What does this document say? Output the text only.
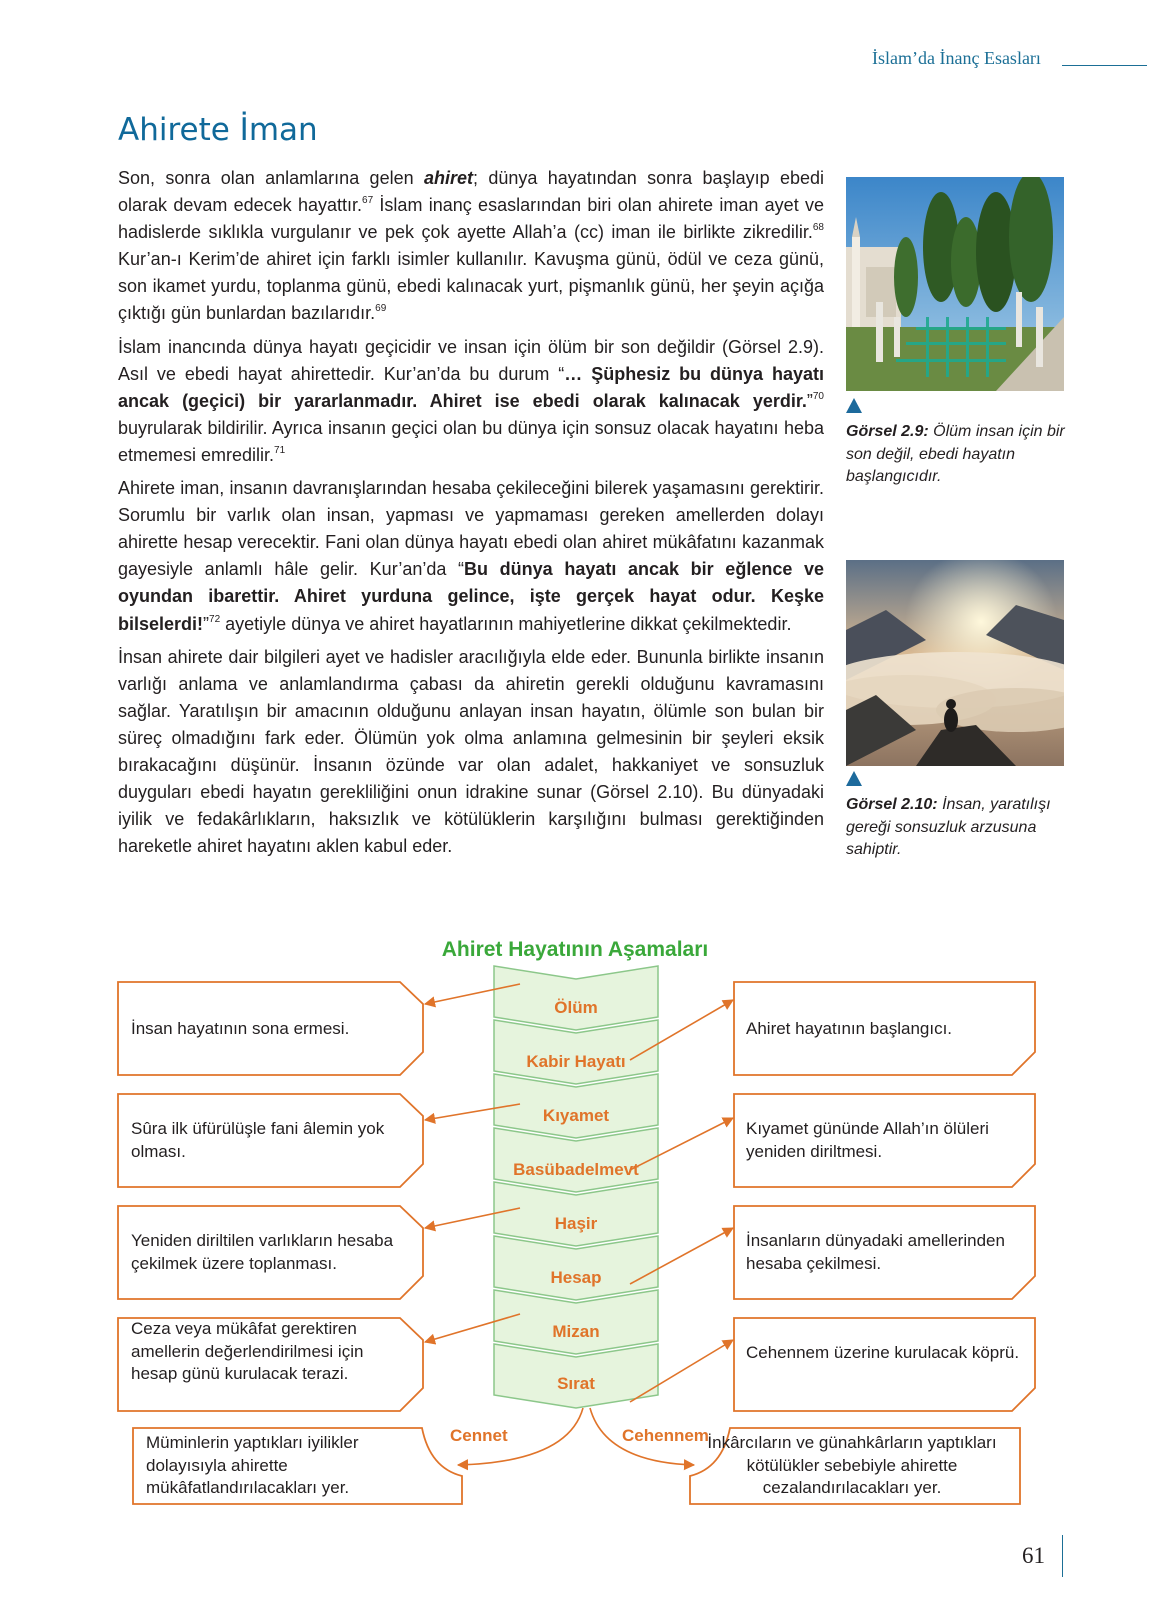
İslam’da İnanç Esasları
Ahirete İman

Son, sonra olan anlamlarına gelen ahiret; dünya hayatından sonra başlayıp ebedi olarak devam edecek hayattır.$^{67}$ İslam inanç esaslarından biri olan ahirete iman ayet ve hadislerde sıklıkla vurgulanır ve pek çok ayette Allah’a (cc) iman ile birlikte zikredilir.$^{68}$ Kur’an-ı Kerim’de ahiret için farklı isimler kullanılır. Kavuşma günü, ödül ve ceza günü, son ikamet yurdu, toplanma günü, ebedi kalınacak yurt, pişmanlık günü, her şeyin açığa çıktığı gün bunlardan bazılarıdır.$^{69}$

İslam inancında dünya hayatı geçicidir ve insan için ölüm bir son değildir (Görsel 2.9). Asıl ve ebedi hayat ahirettedir. Kur’an’da bu durum “… Şüphesiz bu dünya hayatı ancak (geçici) bir yararlanmadır. Ahiret ise ebedi olarak kalınacak yerdir.”$^{70}$ buyrularak bildirilir. Ayrıca insanın geçici olan bu dünya için sonsuz olacak hayatını heba etmemesi emredilir.$^{71}$

Ahirete iman, insanın davranışlarından hesaba çekileceğini bilerek yaşamasını gerektirir. Sorumlu bir varlık olan insan, yapması ve yapmaması gereken amellerden dolayı ahirette hesap verecektir. Fani olan dünya hayatı ebedi olan ahiret mükâfatını kazanmak gayesiyle anlamlı hâle gelir. Kur’an’da “Bu dünya hayatı ancak bir eğlence ve oyundan ibarettir. Ahiret yurduna gelince, işte gerçek hayat odur. Keşke bilselerdi!”$^{72}$ ayetiyle dünya ve ahiret hayatlarının mahiyetlerine dikkat çekilmektedir.

İnsan ahirete dair bilgileri ayet ve hadisler aracılığıyla elde eder. Bununla birlikte insanın varlığı anlama ve anlamlandırma çabası da ahiretin gerekli olduğunu kavramasını sağlar. Yaratılışın bir amacının olduğunu anlayan insan hayatın, ölümle son bulan bir süreç olmadığını fark eder. Ölümün yok olma anlamına gelmesinin bir şeyleri eksik bırakacağını düşünür. İnsanın özünde var olan adalet, hakkaniyet ve sonsuzluk duyguları ebedi hayatın gerekliliğini onun idrakine sunar (Görsel 2.10). Bu dünyadaki iyilik ve fedakârlıkların, haksızlık ve kötülüklerin karşılığını bulması gerektiğinden hareketle ahiret hayatını aklen kabul eder.

Görsel 2.9: Ölüm insan için bir son değil, ebedi hayatın başlangıcıdır.
Görsel 2.10: İnsan, yaratılışı gereği sonsuzluk arzusuna sahiptir.
Ahiret Hayatının Aşamaları
Ölüm
Kabir Hayatı
Kıyamet
Basübadelmevt
Haşir
Hesap
Mizan
Sırat
İnsan hayatının sona ermesi.
Sûra ilk üfürülüşle fani âlemin yok olması.
Yeniden diriltilen varlıkların hesaba çekilmek üzere toplanması.
Ceza veya mükâfat gerektiren amellerin değerlendirilmesi için hesap günü kurulacak terazi.
Ahiret hayatının başlangıcı.
Kıyamet gününde Allah’ın ölüleri yeniden diriltmesi.
İnsanların dünyadaki amellerinden hesaba çekilmesi.
Cehennem üzerine kurulacak köprü.
Cennet	Cehennem
Müminlerin yaptıkları iyilikler dolayısıyla ahirette mükâfatlandırılacakları yer.
İnkârcıların ve günahkârların yaptıkları kötülükler sebebiyle ahirette cezalandırılacakları yer.
61
